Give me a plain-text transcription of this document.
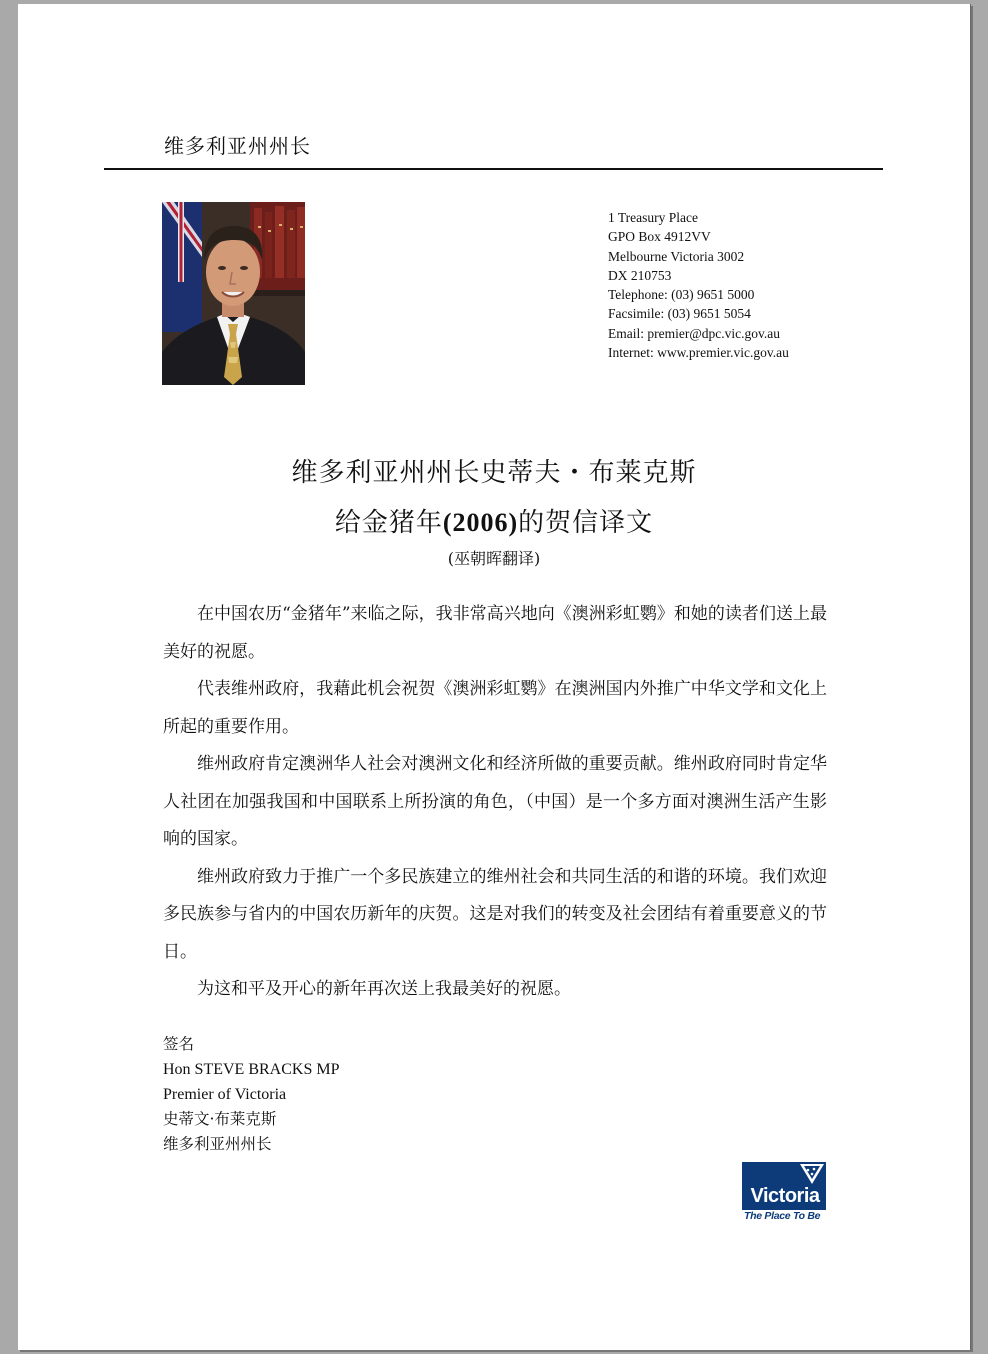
维多利亚州州长
1 Treasury Place
GPO Box 4912VV
Melbourne Victoria 3002
DX 210753
Telephone: (03) 9651 5000
Facsimile: (03) 9651 5054
Email: premier@dpc.vic.gov.au
Internet: www.premier.vic.gov.au
维多利亚州州长史蒂夫・布莱克斯
给金猪年(2006)的贺信译文
(巫朝晖翻译)

在中国农历“金猪年”来临之际，我非常高兴地向《澳洲彩虹鹦》和她的读者们送上最美好的祝愿。

代表维州政府，我藉此机会祝贺《澳洲彩虹鹦》在澳洲国内外推广中华文学和文化上所起的重要作用。

维州政府肯定澳洲华人社会对澳洲文化和经济所做的重要贡献。维州政府同时肯定华人社团在加强我国和中国联系上所扮演的角色，（中国）是一个多方面对澳洲生活产生影响的国家。

维州政府致力于推广一个多民族建立的维州社会和共同生活的和谐的环境。我们欢迎多民族参与省内的中国农历新年的庆贺。这是对我们的转变及社会团结有着重要意义的节日。

为这和平及开心的新年再次送上我最美好的祝愿。

签名
Hon STEVE BRACKS MP
Premier of Victoria
史蒂文·布莱克斯
维多利亚州州长
Victoria
The Place To Be
